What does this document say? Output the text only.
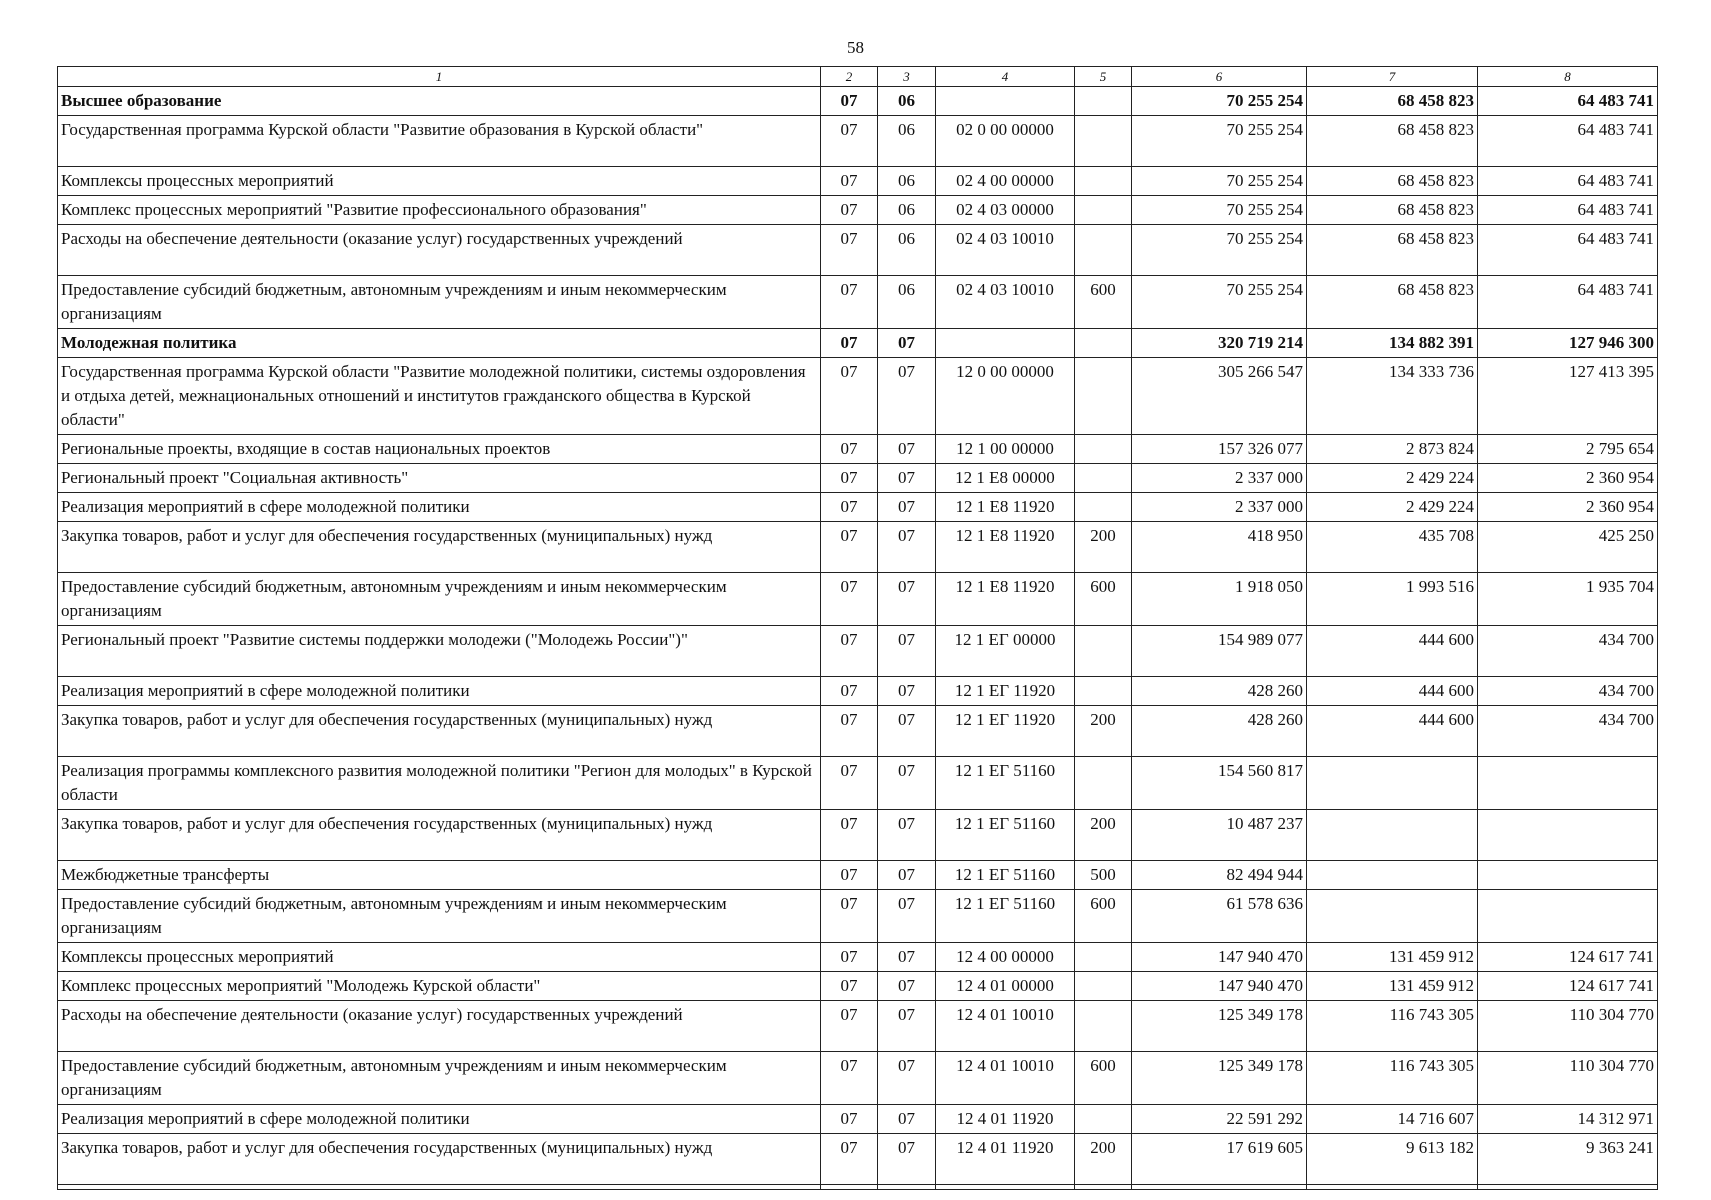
58
1	2	3	4	5	6	7	8
Высшее образование	07	06			70 255 254	68 458 823	64 483 741
Государственная программа Курской области "Развитие образования в Курской области"	07	06	02 0 00 00000		70 255 254	68 458 823	64 483 741
Комплексы процессных мероприятий	07	06	02 4 00 00000		70 255 254	68 458 823	64 483 741
Комплекс процессных мероприятий "Развитие профессионального образования"	07	06	02 4 03 00000		70 255 254	68 458 823	64 483 741
Расходы на обеспечение деятельности (оказание услуг) государственных учреждений	07	06	02 4 03 10010		70 255 254	68 458 823	64 483 741
Предоставление субсидий бюджетным, автономным учреждениям и иным некоммерческим организациям	07	06	02 4 03 10010	600	70 255 254	68 458 823	64 483 741
Молодежная политика	07	07			320 719 214	134 882 391	127 946 300
Государственная программа Курской области "Развитие молодежной политики, системы оздоровления и отдыха детей, межнациональных отношений и институтов гражданского общества в Курской области"	07	07	12 0 00 00000		305 266 547	134 333 736	127 413 395
Региональные проекты, входящие в состав национальных проектов	07	07	12 1 00 00000		157 326 077	2 873 824	2 795 654
Региональный проект "Социальная активность"	07	07	12 1 E8 00000		2 337 000	2 429 224	2 360 954
Реализация мероприятий в сфере молодежной политики	07	07	12 1 E8 11920		2 337 000	2 429 224	2 360 954
Закупка товаров, работ и услуг для обеспечения государственных (муниципальных) нужд	07	07	12 1 E8 11920	200	418 950	435 708	425 250
Предоставление субсидий бюджетным, автономным учреждениям и иным некоммерческим организациям	07	07	12 1 E8 11920	600	1 918 050	1 993 516	1 935 704
Региональный проект "Развитие системы поддержки молодежи ("Молодежь России")"	07	07	12 1 EГ 00000		154 989 077	444 600	434 700
Реализация мероприятий в сфере молодежной политики	07	07	12 1 EГ 11920		428 260	444 600	434 700
Закупка товаров, работ и услуг для обеспечения государственных (муниципальных) нужд	07	07	12 1 EГ 11920	200	428 260	444 600	434 700
Реализация программы комплексного развития молодежной политики "Регион для молодых" в Курской области	07	07	12 1 EГ 51160		154 560 817		
Закупка товаров, работ и услуг для обеспечения государственных (муниципальных) нужд	07	07	12 1 EГ 51160	200	10 487 237		
Межбюджетные трансферты	07	07	12 1 EГ 51160	500	82 494 944		
Предоставление субсидий бюджетным, автономным учреждениям и иным некоммерческим организациям	07	07	12 1 EГ 51160	600	61 578 636		
Комплексы процессных мероприятий	07	07	12 4 00 00000		147 940 470	131 459 912	124 617 741
Комплекс процессных мероприятий "Молодежь Курской области"	07	07	12 4 01 00000		147 940 470	131 459 912	124 617 741
Расходы на обеспечение деятельности (оказание услуг) государственных учреждений	07	07	12 4 01 10010		125 349 178	116 743 305	110 304 770
Предоставление субсидий бюджетным, автономным учреждениям и иным некоммерческим организациям	07	07	12 4 01 10010	600	125 349 178	116 743 305	110 304 770
Реализация мероприятий в сфере молодежной политики	07	07	12 4 01 11920		22 591 292	14 716 607	14 312 971
Закупка товаров, работ и услуг для обеспечения государственных (муниципальных) нужд	07	07	12 4 01 11920	200	17 619 605	9 613 182	9 363 241
